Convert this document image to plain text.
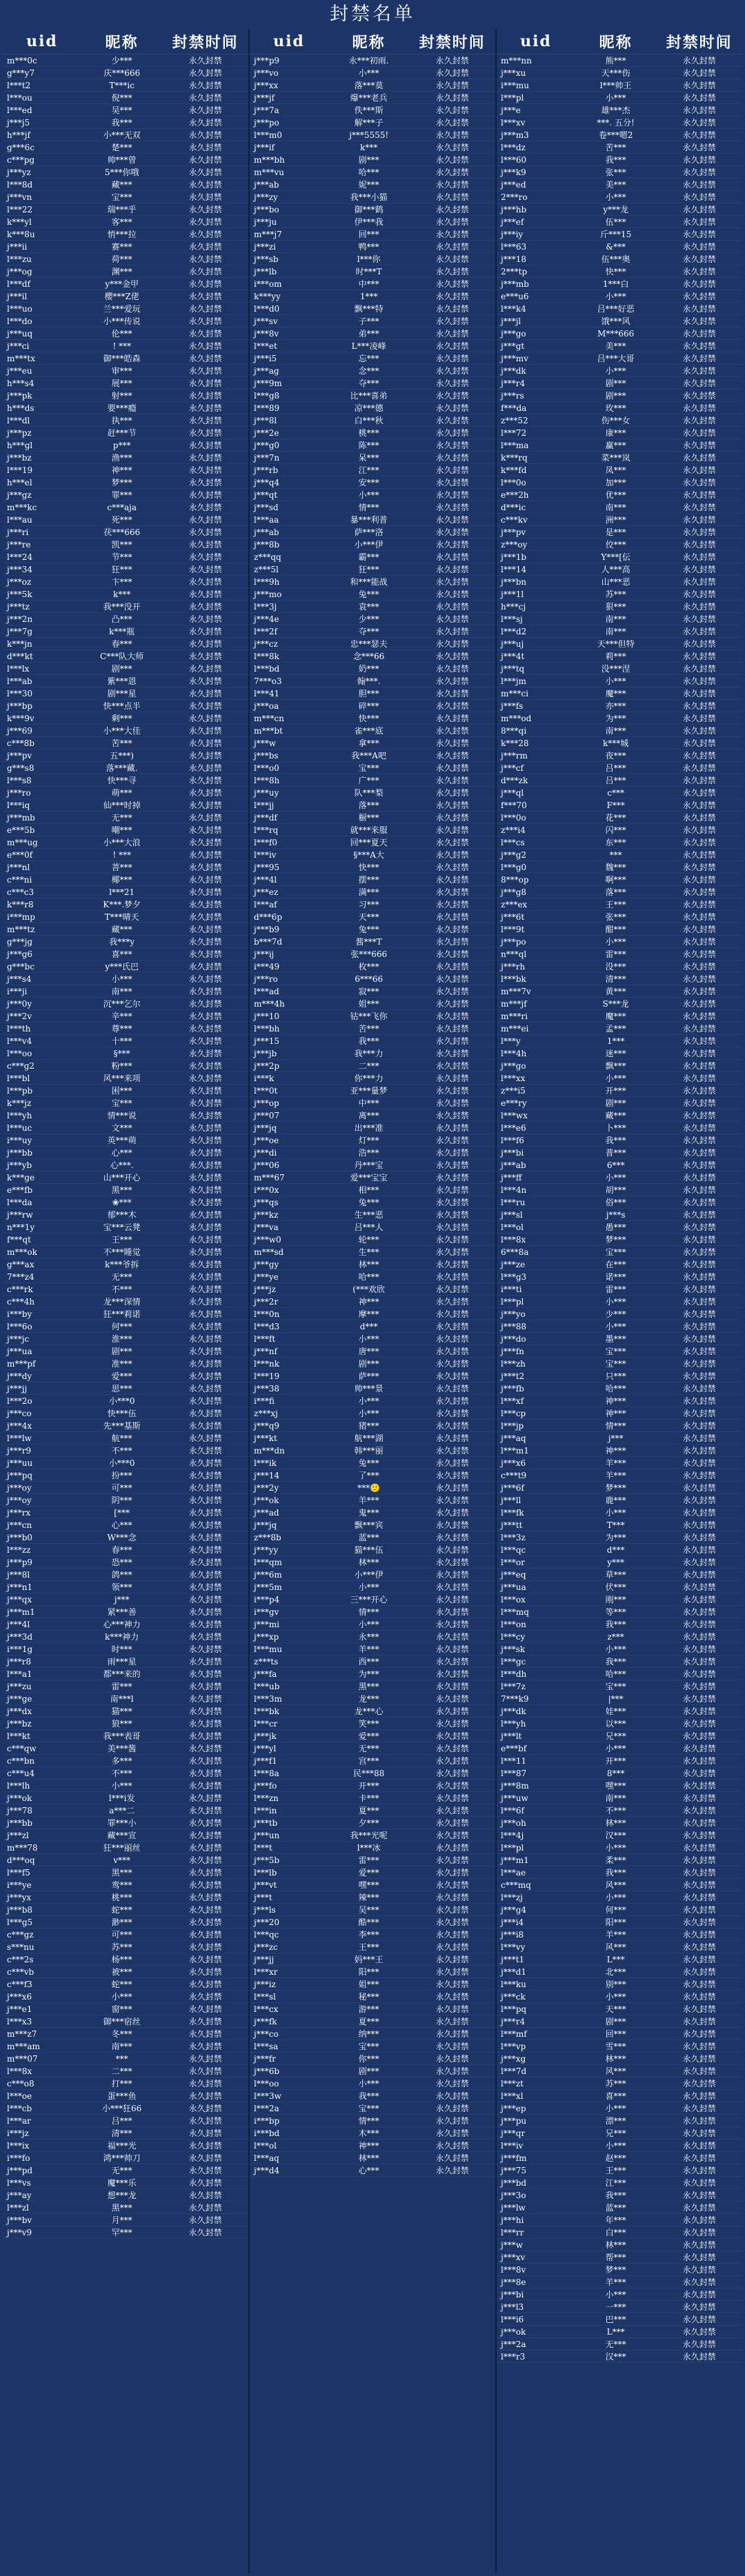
封禁名单
uid	昵称	封禁时间
m***0c	少***	永久封禁
g***y7	庆***666	永久封禁
l***t2	T***ic	永久封禁
l***ou	倪***	永久封禁
l***ed	吴***	永久封禁
j***j5	我***	永久封禁
h***jf	小***无双	永久封禁
g***6c	楚***	永久封禁
c***pg	帅***曾	永久封禁
j***yz	5***你哦	永久封禁
l***8d	藏***	永久封禁
j***vn	宝***	永久封禁
l***22	瑞***乎	永久封禁
k***yl	客***	永久封禁
k***8u	悄***拉	永久封禁
j***ii	赛***	永久封禁
l***zu	荷***	永久封禁
j***og	渊***	永久封禁
l***df	y***金甲	永久封禁
j***il	樱***Z佬	永久封禁
l***uo	兰***爱玩	永久封禁
l***do	小***传说	永久封禁
j***uq	伦***	永久封禁
j***ci	! ***	永久封禁
m***tx	御***皓森	永久封禁
j***eu	审***	永久封禁
h***s4	展***	永久封禁
j***pk	射***	永久封禁
h***ds	要***瘾	永久封禁
l***dl	执***	永久封禁
j***pz	赶***节	永久封禁
h***gl	p***	永久封禁
j***bz	渔***	永久封禁
l***19	神***	永久封禁
h***el	梦***	永久封禁
j***gz	罪***	永久封禁
m***kc	c***aja	永久封禁
l***au	死***	永久封禁
j***ri	茯***666	永久封禁
j***re	凯***	永久封禁
l***24	节***	永久封禁
j***34	狂***	永久封禁
j***oz	卞***	永久封禁
j***5k	k***	永久封禁
j***tz	我***没开	永久封禁
j***2n	凸***	永久封禁
j***7g	k***瓶	永久封禁
k***jn	春***	永久封禁
d***kt	C***队大师	永久封禁
l***lx	剧***	永久封禁
l***ab	紫***恩	永久封禁
l***30	剧***星	永久封禁
j***bp	快***点半	永久封禁
k***9v	剩***	永久封禁
j***69	小***大佳	永久封禁
c***8b	苦***	永久封禁
j***pv	五***)	永久封禁
g***s8	落***藏.	永久封禁
l***s8	快***寻	永久封禁
j***ro	萌***	永久封禁
l***iq	仙***时掉	永久封禁
j***mb	无***	永久封禁
e***5b	嘲***	永久封禁
m***ug	小***大浪	永久封禁
e***0f	! ***	永久封禁
j***nl	菩***	永久封禁
c***ni	椰***	永久封禁
c***c3	l***21	永久封禁
k***r8	K***.梦夕	永久封禁
i***mp	T***晴天	永久封禁
m***tz	藏***	永久封禁
g***jg	我***y	永久封禁
j***g6	喜***	永久封禁
g***bc	y***氏巴	永久封禁
j***s4	小***	永久封禁
i***ji	南***	永久封禁
j***0y	沉***乞尔	永久封禁
j***2v	辛***	永久封禁
l***th	尊***	永久封禁
l***v4	十***	永久封禁
l***oo	§***	永久封禁
c***g2	粉***	永久封禁
l***bl	风***来项	永久封禁
l***pb	困***	永久封禁
k***jz	宝***	永久封禁
l***yh	情***说	永久封禁
l***uc	文***	永久封禁
i***uy	英***萌	永久封禁
j***bb	心***	永久封禁
j***yb	心***.	永久封禁
k***ge	山***开心	永久封禁
e***fb	黑***	永久封禁
l***da	❀***	永久封禁
j***rw	郁***木	永久封禁
n***1y	宝***云凳	永久封禁
f***qt	王***	永久封禁
m***ok	不***睡觉	永久封禁
g***ax	k***爷拆	永久封禁
7***z4	无***	永久封禁
c***rk	不***	永久封禁
c***4h	龙***深情	永久封禁
i***by	狂***莉诺	永久封禁
l***6o	何***	永久封禁
j***jc	淮***	永久封禁
j***ua	剧***	永久封禁
m***pf	准***	永久封禁
j***dy	爱***	永久封禁
j***jj	思***	永久封禁
l***2o	小***0	永久封禁
j***co	快***伍	永久封禁
j***4x	先***基斯	永久封禁
l***lw	航***	永久封禁
j***r9	不***	永久封禁
j***uu	小***0	永久封禁
j***pq	扮***	永久封禁
j***oy	可***	永久封禁
j***oy	阴***	永久封禁
j***rx	[***	永久封禁
j***cn	心***	永久封禁
j***b0	W***念	永久封禁
l***zz	春***	永久封禁
j***p9	恐***	永久封禁
j***8l	鸽***	永久封禁
j***n1	领***	永久封禁
j***qx	j***	永久封禁
j***m1	紧***善	永久封禁
j***4l	心***神力	永久封禁
j***3d	k***神力	永久封禁
i***1g	时***	永久封禁
j***r8	雨***星	永久封禁
l***a1	都***来的	永久封禁
j***zu	雷***	永久封禁
j***ge	南***l	永久封禁
j***dx	猫***	永久封禁
j***bz	狼***	永久封禁
l***kt	我***表哥	永久封禁
c***qw	美***酱	永久封禁
c***bn	多***	永久封禁
c***u4	不***	永久封禁
l***lh	小***	永久封禁
j***ok	l***i发	永久封禁
j***78	a***二	永久封禁
j***bb	罪***小	永久封禁
j***zl	藏***宣	永久封禁
m***78	狂***丽丝	永久封禁
d***oq	v***	永久封禁
l***f5	黑***	永久封禁
i***ye	鸾***	永久封禁
j***yx	桃***	永久封禁
j***b8	蛇***	永久封禁
l***g5	渺***	永久封禁
c***gz	可***	永久封禁
s***nu	苏***	永久封禁
c***2s	杨***	永久封禁
c***vb	被***	永久封禁
c***f3	蛇***	永久封禁
j***x6	小***	永久封禁
j***e1	窗***	永久封禁
l***x3	御***宿丝	永久封禁
m***z7	冬***	永久封禁
m***am	南***	永久封禁
m***07	***	永久封禁
l***8x	二***	永久封禁
c***o8	打***	永久封禁
l***oe	蛋***鱼	永久封禁
l***cb	小***狂66	永久封禁
l***ar	吕***	永久封禁
i***jz	清***	永久封禁
l***ix	福***光	永久封禁
i***fo	鸿***帅刀	永久封禁
j***pd	无***	永久封禁
l***vs	魔***乐	永久封禁
j***ay	想***龙	永久封禁
l***zl	黑***	永久封禁
j***bv	月***	永久封禁
j***v9	罕***	永久封禁
uid	昵称	封禁时间
j***p9	永***初雨.	永久封禁
j***vo	小***	永久封禁
j***xx	落***莫	永久封禁
j***jf	爆***老兵	永久封禁
j***7a	佚***斯	永久封禁
j***po	解***子	永久封禁
l***m0	j***5555!	永久封禁
j***if	k***	永久封禁
m***bh	剧***	永久封禁
m***vu	哈***	永久封禁
j***ab	妮***	永久封禁
j***zy	我***小猫	永久封禁
j***bo	御***鹤	永久封禁
j***ju	伊***我	永久封禁
m***j7	回***	永久封禁
j***zi	鸭***	永久封禁
j***sb	l***你	永久封禁
j***lb	时***T	永久封禁
i***om	中***	永久封禁
k***yy	1***	永久封禁
l***d0	飘***特	永久封禁
j***sv	子***	永久封禁
j***8v	弟***	永久封禁
l***et	L***凌峰	永久封禁
j***i5	忘***	永久封禁
j***ag	念***	永久封禁
j***9m	夺***	永久封禁
l***g8	比***喜弟	永久封禁
l***89	凉***德	永久封禁
j***8l	白***秋	永久封禁
j***2e	桃***	永久封禁
j***g0	陈***	永久封禁
j***7n	呆***	永久封禁
j***rb	江***	永久封禁
j***q4	安***	永久封禁
j***qt	小***	永久封禁
j***sd	情***	永久封禁
l***aa	暴***利普	永久封禁
j***ab	萨***洛	永久封禁
j***8b	小***伊	永久封禁
z***qq	霸***	永久封禁
z***5l	狂***	永久封禁
l***9h	和***能战	永久封禁
j***mo	兔***	永久封禁
l***3j	袁***	永久封禁
j***4e	少***	永久封禁
l***2f	夺***	永久封禁
j***cz	忠***瑟夫	永久封禁
l***8k	念***66	永久封禁
l***bd	奶***	永久封禁
7***o3	翰***.	永久封禁
l***41	胆***	永久封禁
j***oa	碎***	永久封禁
m***cn	快***	永久封禁
m***bt	雀***底	永久封禁
j***w	拿***	永久封禁
j***bs	我***A吧	永久封禁
l***o0	宝***	永久封禁
l***8h	广***	永久封禁
j***uy	队***梨	永久封禁
l***jj	落***	永久封禁
j***df	橱***	永久封禁
l***rq	就***来服	永久封禁
l***f0	回***夏天	永久封禁
l***iv	§***A大	永久封禁
j***95	快***	永久封禁
j***4l	摆***	永久封禁
j***ez	满***	永久封禁
l***af	习***	永久封禁
d***6p	天***	永久封禁
j***b9	兔***	永久封禁
b***7d	酱***T	永久封禁
j***ij	张***666	永久封禁
i***49	枚***	永久封禁
j***ro	6***66	永久封禁
l***ad	寂***	永久封禁
m***4h	姐***	永久封禁
j***10	钴***飞你	永久封禁
l***bh	苦***	永久封禁
j***15	我***	永久封禁
j***jb	我***力	永久封禁
j***2p	二***	永久封禁
i***k	你***力	永久封禁
l***0t	亚***量梦	永久封禁
j***op	中***	永久封禁
j***07	离***	永久封禁
j***jq	出***准	永久封禁
j***oe	灯***	永久封禁
j***di	浩***	永久封禁
j***06	丹***宝	永久封禁
m***67	爱***宝宝	永久封禁
i***0x	相***	永久封禁
j***qs	兔***	永久封禁
j***kz	生***恶	永久封禁
j***va	吕***人	永久封禁
j***w0	轮***	永久封禁
m***sd	生***	永久封禁
j***gy	林***	永久封禁
j***ye	哈***	永久封禁
j***jz	(***欢欣	永久封禁
j***2r	神***	永久封禁
l***0n	摩***	永久封禁
l***d3	d***	永久封禁
l***ft	小***	永久封禁
j***nf	唐***	永久封禁
l***nk	剧***	永久封禁
l***19	萨***	永久封禁
j***38	帅***景	永久封禁
i***fi	小***	永久封禁
z***xj	小***	永久封禁
j***q9	猪***	永久封禁
j***kt	航***湖	永久封禁
m***dn	韩***丽	永久封禁
l***ik	兔***	永久封禁
j***14	了***	永久封禁
j***2y	***🙂	永久封禁
j***ok	羊***	永久封禁
j***ad	鬼***	永久封禁
j***jq	飘***宾	永久封禁
z***8b	蓝***	永久封禁
j***yy	猫***伍	永久封禁
l***qm	林***	永久封禁
j***6m	小***伊	永久封禁
j***5m	小***	永久封禁
i***p4	三***开心	永久封禁
i***gv	情***	永久封禁
j***mi	小***	永久封禁
j***xp	永***	永久封禁
l***mu	羊***	永久封禁
z***ts	西***	永久封禁
j***fa	为***	永久封禁
l***ub	黑***	永久封禁
l***3m	龙***	永久封禁
l***bk	龙***心	永久封禁
l***cr	笑***	永久封禁
j***jk	爱***	永久封禁
j***yl	无***	永久封禁
j***f1	宫***	永久封禁
l***8a	民***88	永久封禁
j***fo	开***	永久封禁
l***zn	卡***	永久封禁
l***in	夏***	永久封禁
j***tb	夕***	永久封禁
j***un	我***光呢	永久封禁
l***t	l***冰	永久封禁
j***5b	雷***	永久封禁
l***lb	爱***	永久封禁
j***vt	嘿***	永久封禁
j***t	辣***	永久封禁
j***ls	吴***	永久封禁
j***20	酷***	永久封禁
l***qc	李***	永久封禁
j***zc	王***	永久封禁
j***jj	妈***王	永久封禁
l***xr	阳***	永久封禁
j***iz	姐***	永久封禁
l***sl	秘***	永久封禁
l***cx	游***	永久封禁
j***fk	夏***	永久封禁
j***co	纳***	永久封禁
l***sa	宝***	永久封禁
j***fr	你***	永久封禁
j***6b	剧***	永久封禁
l***oo	小***	永久封禁
l***3w	我***	永久封禁
l***2a	宝***	永久封禁
i***bp	情***	永久封禁
i***bd	木***	永久封禁
l***ol	神***	永久封禁
l***aq	林***	永久封禁
j***d4	心***	永久封禁
uid	昵称	封禁时间
m***nn	熊***	永久封禁
j***xu	天***伤	永久封禁
i***mu	l***帅王	永久封禁
l***pl	小***	永久封禁
j***e	雄***杰	永久封禁
l***xv	***. 五分!	永久封禁
j***m3	卷***嗯2	永久封禁
l***dz	苦***	永久封禁
l***60	我***	永久封禁
j***k9	张***	永久封禁
j***ed	美***	永久封禁
2***ro	小***	永久封禁
j***hb	y***龙	永久封禁
j***ef	伍***	永久封禁
j***iy	斤***15	永久封禁
l***63	&***	永久封禁
j***18	伍***奥	永久封禁
2***tp	快***	永久封禁
j***mb	1***白	永久封禁
e***u6	小***	永久封禁
l***k4	吕***好恶	永久封禁
j***jl	饿***风	永久封禁
j***go	M***666	永久封禁
j***gt	美***	永久封禁
j***mv	吕***大哥	永久封禁
j***dk	小***	永久封禁
j***r4	剧***	永久封禁
j***rs	剧***	永久封禁
f***da	玫***	永久封禁
z***52	伤***女	永久封禁
l***72	康***	永久封禁
l***ma	赢***	永久封禁
k***rq	菜***岚	永久封禁
k***fd	凤***	永久封禁
l***0o	加***	永久封禁
e***2h	优***	永久封禁
d***ic	南***	永久封禁
c***kv	洲***	永久封禁
j***pv	是***	永久封禁
z***oy	佼***	永久封禁
j***1b	Y***[伝	永久封禁
l***14	人***高	永久封禁
j***bn	山***恶	永久封禁
j***1l	苏***	永久封禁
h***cj	狠***	永久封禁
l***sj	南***	永久封禁
l***d2	南***	永久封禁
j***uj	天***但特	永久封禁
j***4t	莉***	永久封禁
j***tq	没***涅	永久封禁
l***jm	小***	永久封禁
m***ci	魔***	永久封禁
j***fs	亦***	永久封禁
m***od	为***	永久封禁
8***qi	南***	永久封禁
k***28	k***城	永久封禁
j***rm	夜***	永久封禁
j***cf	吕***	永久封禁
d***zk	吕***	永久封禁
j***ql	c***	永久封禁
f***70	F***	永久封禁
l***0o	花***	永久封禁
z***i4	闪***	永久封禁
l***cs	东***	永久封禁
j***g2	***	永久封禁
l***g0	魏***	永久封禁
8***op	啊***	永久封禁
j***g8	落***	永久封禁
z***ex	王***	永久封禁
j***6t	张***	永久封禁
l***9t	酣***	永久封禁
j***po	小***	永久封禁
n***ql	雷***	永久封禁
j***rh	没***	永久封禁
l***bk	清***	永久封禁
m***7v	黄***	永久封禁
m***jf	S***龙	永久封禁
m***ri	魔***	永久封禁
m***ei	孟***	永久封禁
l***y	1***	永久封禁
l***4h	迷***	永久封禁
j***go	飘***	永久封禁
l***xx	小***	永久封禁
z***i5	开***	永久封禁
e***ry	剧***	永久封禁
l***wx	藏***	永久封禁
l***e6	卜***	永久封禁
l***f6	我***	永久封禁
j***bi	普***	永久封禁
j***ab	6***	永久封禁
j***ff	小***	永久封禁
l***4n	胡***	永久封禁
l***ru	俗***	永久封禁
j***sl	j***s	永久封禁
l***ol	愚***	永久封禁
l***8x	梦***	永久封禁
6***8a	宝***	永久封禁
j***ze	在***	永久封禁
l***g3	诺***	永久封禁
i***ti	雷***	永久封禁
l***pl	小***	永久封禁
j***yo	少***	永久封禁
j***88	小***	永久封禁
j***do	墨***	永久封禁
j***fn	宝***	永久封禁
l***zh	宝***	永久封禁
j***t2	只***	永久封禁
j***fb	哈***	永久封禁
l***xf	神***	永久封禁
l***cp	神***	永久封禁
l***jp	情***	永久封禁
j***aq	j***	永久封禁
l***m1	神***	永久封禁
j***x6	羊***	永久封禁
c***t9	羊***	永久封禁
j***6f	梦***	永久封禁
j***ll	鹿***	永久封禁
l***fk	小***	永久封禁
j***tt	T***	永久封禁
l***3z	为***	永久封禁
l***qc	d***	永久封禁
l***or	y***	永久封禁
j***eq	草***	永久封禁
j***ua	伏***	永久封禁
l***ox	刚***	永久封禁
l***mq	等***	永久封禁
l***on	我***	永久封禁
l***cy	z***	永久封禁
j***sk	小***	永久封禁
l***gc	我***	永久封禁
l***dh	哈***	永久封禁
l***7z	宝***	永久封禁
7***k9	|***	永久封禁
j***dk	娃***	永久封禁
l***yh	以***	永久封禁
j***lt	兄***	永久封禁
e***bf	小***	永久封禁
l***11	开***	永久封禁
l***87	8***	永久封禁
j***8m	嘿***	永久封禁
j***uw	南***	永久封禁
l***6f	不***	永久封禁
j***oh	林***	永久封禁
l***4j	汉***	永久封禁
l***pl	小***	永久封禁
j***m1	柔***	永久封禁
l***ae	我***	永久封禁
c***mq	风***	永久封禁
l***zj	小***	永久封禁
j***g4	何***	永久封禁
j***i4	阳***	永久封禁
j***i8	羊***	永久封禁
l***vy	风***	永久封禁
j***t1	L***	永久封禁
j***d1	北***	永久封禁
l***ku	别***	永久封禁
j***ck	小***	永久封禁
l***pq	天***	永久封禁
j***r4	剧***	永久封禁
l***mf	回***	永久封禁
l***vp	雪***	永久封禁
j***xg	林***	永久封禁
l***7d	风***	永久封禁
l***zt	苏***	永久封禁
l***xl	喜***	永久封禁
j***ep	小***	永久封禁
j***pu	漂***	永久封禁
j***qr	兄***	永久封禁
l***iv	小***	永久封禁
j***fm	赵***	永久封禁
j***75	王***	永久封禁
j***bd	江***	永久封禁
j***3o	我***	永久封禁
j***lw	蓝***	永久封禁
j***hi	年***	永久封禁
l***rr	白***	永久封禁
j***w	林***	永久封禁
j***xv	帮***	永久封禁
l***8v	梦***	永久封禁
j***8e	羊***	永久封禁
j***bi	小***	永久封禁
j***l3	一***	永久封禁
l***i6	巴***	永久封禁
j***ok	L***	永久封禁
j***2a	无***	永久封禁
l***r3	汉***	永久封禁
